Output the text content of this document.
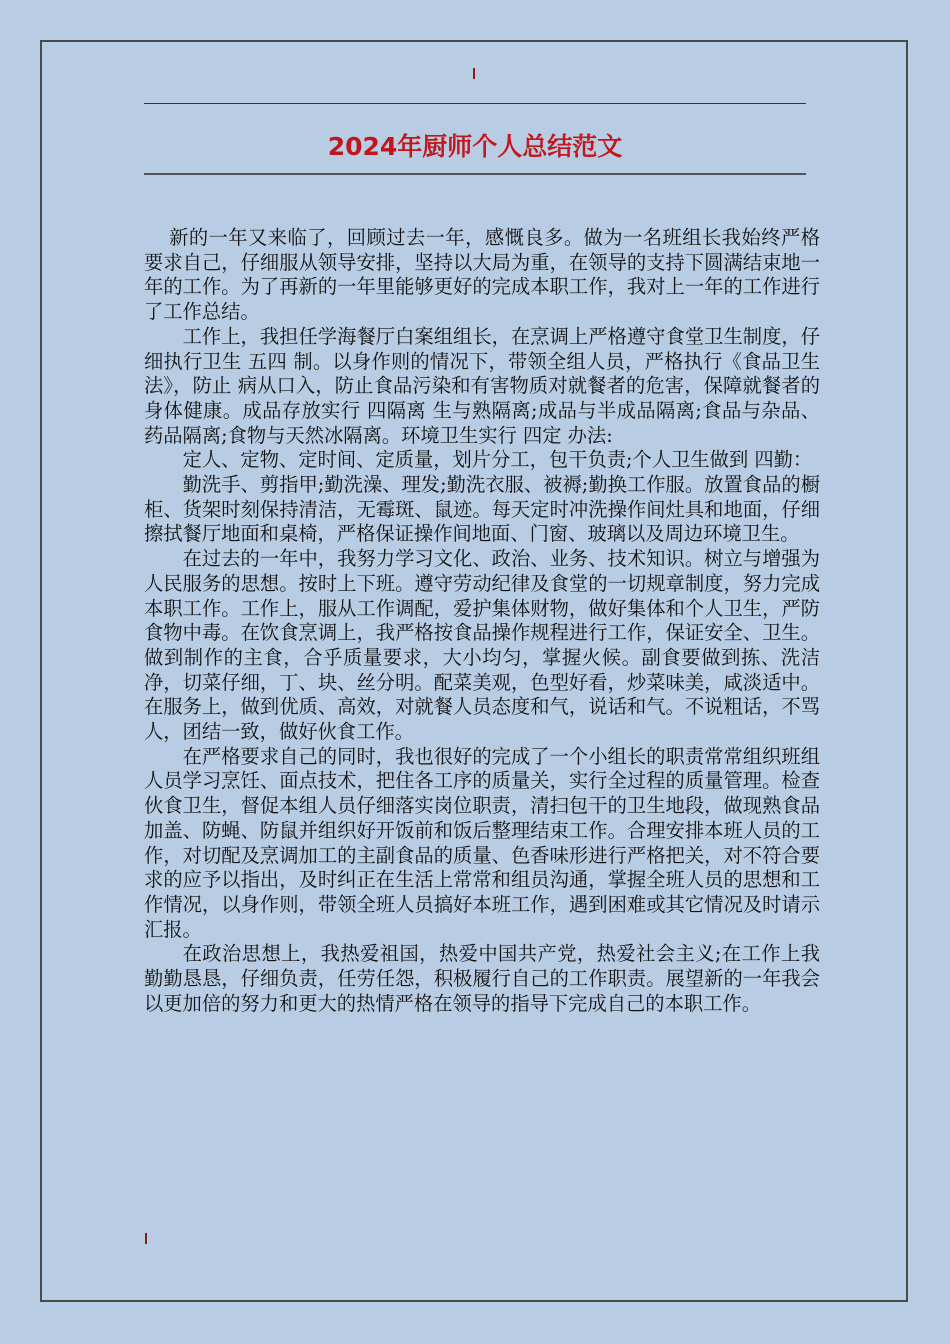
2024年厨师个人总结范文

新的一年又来临了，回顾过去一年，感慨良多。做为一名班组长我始终严格要求自己，仔细服从领导安排，坚持以大局为重，在领导的支持下圆满结束地一年的工作。为了再新的一年里能够更好的完成本职工作，我对上一年的工作进行了工作总结。

工作上，我担任学海餐厅白案组组长，在烹调上严格遵守食堂卫生制度，仔细执行卫生 五四 制。以身作则的情况下，带领全组人员，严格执行《食品卫生法》，防止 病从口入，防止食品污染和有害物质对就餐者的危害，保障就餐者的身体健康。成品存放实行 四隔离 生与熟隔离;成品与半成品隔离;食品与杂品、药品隔离;食物与天然冰隔离。环境卫生实行 四定 办法:

定人、定物、定时间、定质量，划片分工，包干负责;个人卫生做到 四勤：

勤洗手、剪指甲;勤洗澡、理发;勤洗衣服、被褥;勤换工作服。放置食品的橱柜、货架时刻保持清洁，无霉斑、鼠迹。每天定时冲洗操作间灶具和地面，仔细擦拭餐厅地面和桌椅，严格保证操作间地面、门窗、玻璃以及周边环境卫生。

在过去的一年中，我努力学习文化、政治、业务、技术知识。树立与增强为人民服务的思想。按时上下班。遵守劳动纪律及食堂的一切规章制度，努力完成本职工作。工作上，服从工作调配，爱护集体财物，做好集体和个人卫生，严防食物中毒。在饮食烹调上，我严格按食品操作规程进行工作，保证安全、卫生。做到制作的主食，合乎质量要求，大小均匀，掌握火候。副食要做到拣、洗洁净，切菜仔细，丁、块、丝分明。配菜美观，色型好看，炒菜味美，咸淡适中。在服务上，做到优质、高效，对就餐人员态度和气，说话和气。不说粗话，不骂人，团结一致，做好伙食工作。

在严格要求自己的同时，我也很好的完成了一个小组长的职责常常组织班组人员学习烹饪、面点技术，把住各工序的质量关，实行全过程的质量管理。检查伙食卫生，督促本组人员仔细落实岗位职责，清扫包干的卫生地段，做现熟食品加盖、防蝇、防鼠并组织好开饭前和饭后整理结束工作。合理安排本班人员的工作，对切配及烹调加工的主副食品的质量、色香味形进行严格把关，对不符合要求的应予以指出，及时纠正在生活上常常和组员沟通，掌握全班人员的思想和工作情况，以身作则，带领全班人员搞好本班工作，遇到困难或其它情况及时请示汇报。

在政治思想上，我热爱祖国，热爱中国共产党，热爱社会主义;在工作上我勤勤恳恳，仔细负责，任劳任怨，积极履行自己的工作职责。展望新的一年我会以更加倍的努力和更大的热情严格在领导的指导下完成自己的本职工作。
